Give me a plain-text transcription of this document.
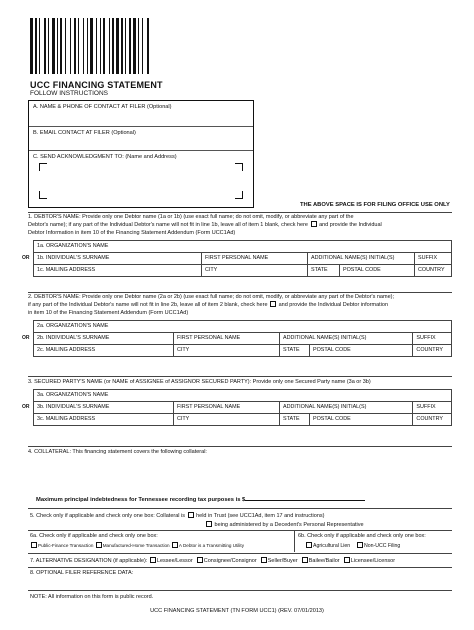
UCC FINANCING STATEMENT
FOLLOW INSTRUCTIONS
A. NAME & PHONE OF CONTACT AT FILER (Optional)
B. EMAIL CONTACT AT FILER (Optional)
C. SEND ACKNOWLEDGMENT TO: (Name and Address)
THE ABOVE SPACE IS FOR FILING OFFICE USE ONLY
1. DEBTOR'S NAME: Provide only one Debtor name (1a or 1b) (use exact full name; do not omit, modify, or abbreviate any part of the
Debtor's name); if any part of the Individual Debtor's name will not fit in line 1b, leave all of item 1 blank, check here and provide the Individual
Debtor Information in item 10 of the Financing Statement Addendum (Form UCC1Ad)
OR
1a. ORGANIZATION'S NAME				
1b. INDIVIDUAL'S SURNAME	FIRST PERSONAL NAME	ADDITIONAL NAME(S) INITIAL(S)		SUFFIX
1c. MAILING ADDRESS	CITY	STATE	POSTAL CODE	COUNTRY
2. DEBTOR'S NAME: Provide only one Debtor name (2a or 2b) (use exact full name; do not omit, modify, or abbreviate any part of the Debtor's name);
if any part of the Individual Debtor's name will not fit in line 2b, leave all of item 2 blank, check here and provide the Individual Debtor information
in item 10 of the Financing Statement Addendum (Form UCC1Ad)
OR
2a. ORGANIZATION'S NAME				
2b. INDIVIDUAL'S SURNAME	FIRST PERSONAL NAME	ADDITIONAL NAME(S) INITIAL(S)		SUFFIX
2c. MAILING ADDRESS	CITY	STATE	POSTAL CODE	COUNTRY
3. SECURED PARTY'S NAME (or NAME of ASSIGNEE of ASSIGNOR SECURED PARTY): Provide only one Secured Party name (3a or 3b)
OR
3a. ORGANIZATION'S NAME				
3b. INDIVIDUAL'S SURNAME	FIRST PERSONAL NAME	ADDITIONAL NAME(S) INITIAL(S)		SUFFIX
3c. MAILING ADDRESS	CITY	STATE	POSTAL CODE	COUNTRY
4. COLLATERAL: This financing statement covers the following collateral:
Maximum principal indebtedness for Tennessee recording tax purposes is $
5. Check only if applicable and check only one box: Collateral is held in Trust (see UCC1Ad, item 17 and instructions)
being administered by a Decedent's Personal Representative
6a. Check only if applicable and check only one box:
Public-Finance Transaction Manufactured-Home Transaction A Debtor is a Transmitting Utility
6b. Check only if applicable and check only one box:
Agricultural Lien	Non-UCC Filing
7. ALTERNATIVE DESIGNATION (if applicable): Lessee/Lessor Consignee/Consignor Seller/Buyer Bailee/Bailor Licensee/Licensor
8. OPTIONAL FILER REFERENCE DATA:
NOTE: All information on this form is public record.
UCC FINANCING STATEMENT (TN FORM UCC1) (REV. 07/01/2013)
